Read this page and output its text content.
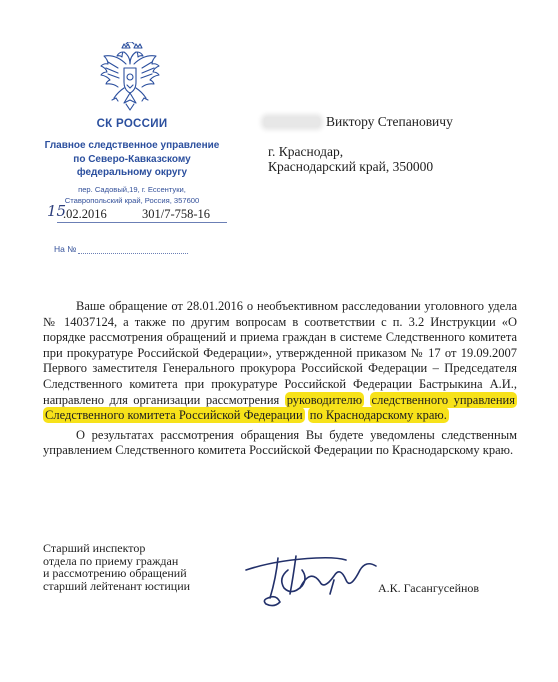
СК РОССИИ
Главное следственное управление
по Северо-Кавказскому
федеральному округу
пер. Садовый,19, г. Ессентуки,
Ставропольский край, Россия, 357600
15
.02.2016	301/7-758-16
На №
Виктору Степановичу
г. Краснодар,
Краснодарский край, 350000

Ваше обращение от 28.01.2016 о необъективном расследовании уголовного удела № 14037124, а также по другим вопросам в соответствии с п. 3.2 Инструкции «О порядке рассмотрения обращений и приема граждан в системе Следственного комитета при прокуратуре Российской Федерации», утвержденной приказом № 17 от 19.09.2007 Первого заместителя Генерального прокурора Российской Федерации – Председателя Следственного комитета при прокуратуре Российской Федерации Бастрыкина А.И., направлено для организации рассмотрения руководителю следственного управления Следственного комитета Российской Федерации по Краснодарскому краю.

О результатах рассмотрения обращения Вы будете уведомлены следственным управлением Следственного комитета Российской Федерации по Краснодарскому краю.

Старший инспектор
отдела по приему граждан
и рассмотрению обращений
старший лейтенант юстиции	А.К. Гасангусейнов
